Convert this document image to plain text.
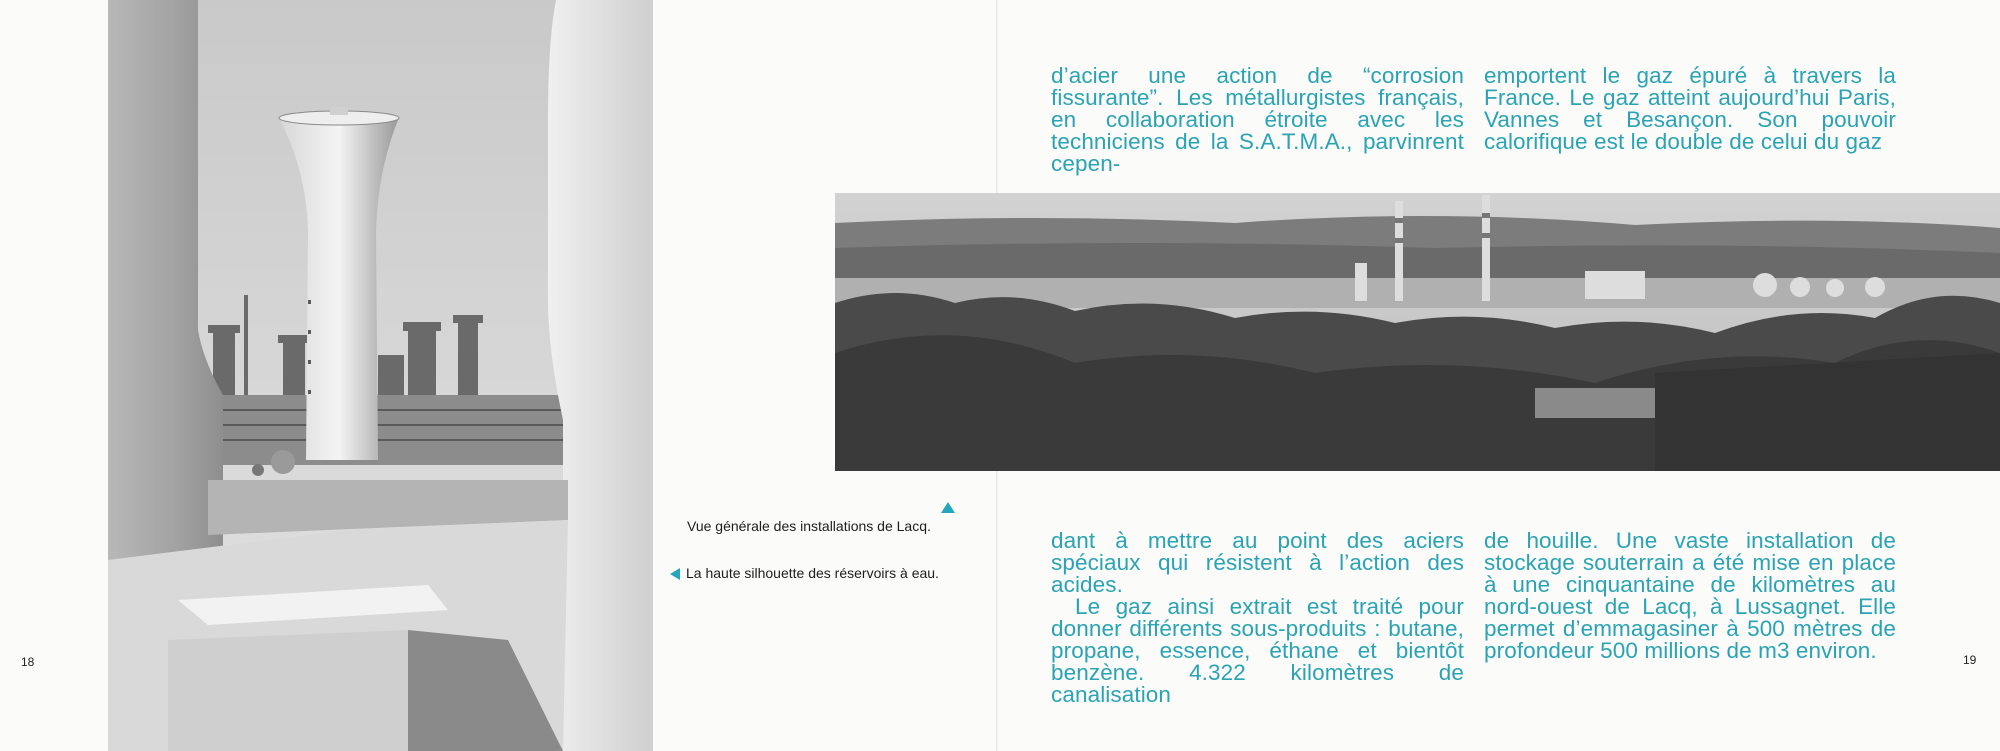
Vue générale des installations de Lacq.
La haute silhouette des réservoirs à eau.

d’acier une action de “corrosion fissurante”. Les métallurgistes français, en collaboration étroite avec les techniciens de la S.A.T.M.A., parvinrent cepen-

emportent le gaz épuré à travers la France. Le gaz atteint aujourd’hui Paris, Vannes et Besançon. Son pouvoir calorifique est le double de celui du gaz

dant à mettre au point des aciers spéciaux qui résistent à l’action des acides.

Le gaz ainsi extrait est traité pour donner différents sous-produits : butane, propane, essence, éthane et bientôt benzène. 4.322 kilomètres de canalisation

de houille. Une vaste installation de stockage souterrain a été mise en place à une cinquantaine de kilomètres au nord-ouest de Lacq, à Lussagnet. Elle permet d’emmagasiner à 500 mètres de profondeur 500 millions de m3 environ.

18	19
